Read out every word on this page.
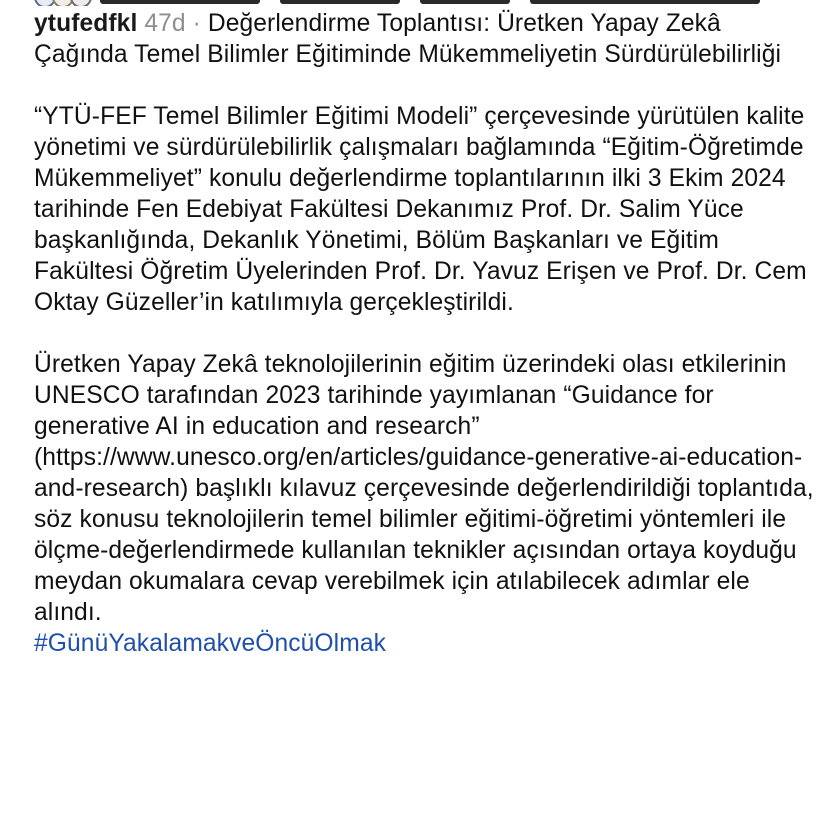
ytufedfkl 47d · Değerlendirme Toplantısı: Üretken Yapay Zekâ Çağında Temel Bilimler Eğitiminde Mükemmeliyetin Sürdürülebilirliği
“YTÜ-FEF Temel Bilimler Eğitimi Modeli” çerçevesinde yürütülen kalite yönetimi ve sürdürülebilirlik çalışmaları bağlamında “Eğitim-Öğretimde Mükemmeliyet” konulu değerlendirme toplantılarının ilki 3 Ekim 2024 tarihinde Fen Edebiyat Fakültesi Dekanımız Prof. Dr. Salim Yüce başkanlığında, Dekanlık Yönetimi, Bölüm Başkanları ve Eğitim Fakültesi Öğretim Üyelerinden Prof. Dr. Yavuz Erişen ve Prof. Dr. Cem Oktay Güzeller’in katılımıyla gerçekleştirildi.
Üretken Yapay Zekâ teknolojilerinin eğitim üzerindeki olası etkilerinin UNESCO tarafından 2023 tarihinde yayımlanan “Guidance for generative AI in education and research” (https://www.unesco.org/en/articles/guidance-generative-ai-education-and-research) başlıklı kılavuz çerçevesinde değerlendirildiği toplantıda, söz konusu teknolojilerin temel bilimler eğitimi-öğretimi yöntemleri ile ölçme-değerlendirmede kullanılan teknikler açısından ortaya koyduğu meydan okumalara cevap verebilmek için atılabilecek adımlar ele alındı.
#GünüYakalamakveÖncüOlmak
